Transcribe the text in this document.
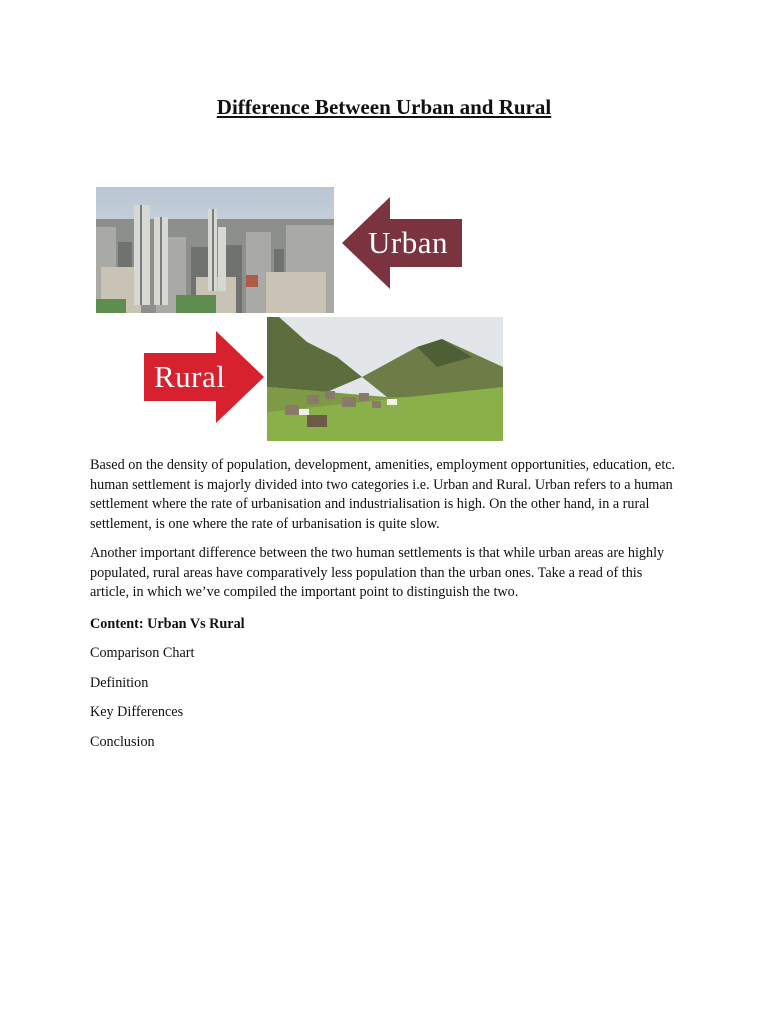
Difference Between Urban and Rural
Urban
Rural

Based on the density of population, development, amenities, employment opportunities, education, etc. human settlement is majorly divided into two categories i.e. Urban and Rural. Urban refers to a human settlement where the rate of urbanisation and industrialisation is high. On the other hand, in a rural settlement, is one where the rate of urbanisation is quite slow.

Another important difference between the two human settlements is that while urban areas are highly populated, rural areas have comparatively less population than the urban ones. Take a read of this article, in which we’ve compiled the important point to distinguish the two.

Content: Urban Vs Rural

Comparison Chart

Definition

Key Differences

Conclusion
